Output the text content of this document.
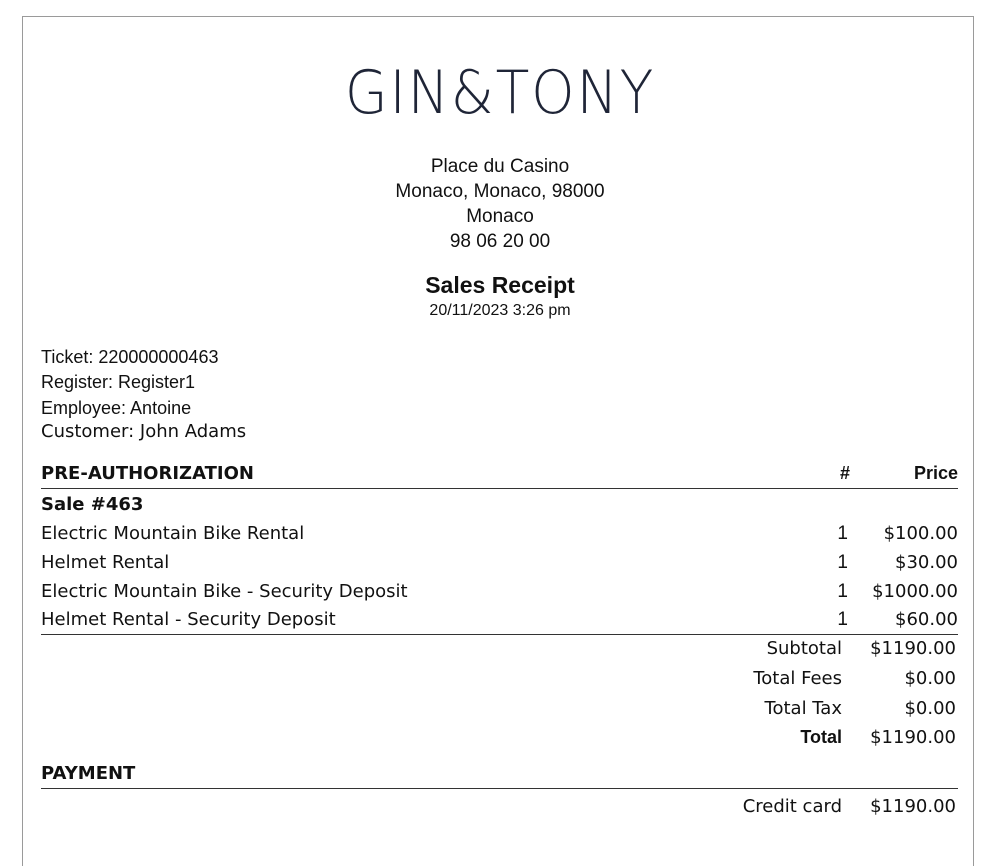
GIN&TONY
Place du Casino
Monaco, Monaco, 98000
Monaco
98 06 20 00
Sales Receipt
20/11/2023 3:26 pm
Ticket: 220000000463
Register: Register1
Employee: Antoine
Customer: John Adams
PRE-AUTHORIZATION	#	Price
Sale #463
Electric Mountain Bike Rental	1 $100.00
Helmet Rental	1	$30.00
Electric Mountain Bike - Security Deposit	1 $1000.00
Helmet Rental - Security Deposit	1	$60.00
Subtotal $1190.00
Total Fees	$0.00
Total Tax	$0.00
Total $1190.00
PAYMENT
Credit card $1190.00
